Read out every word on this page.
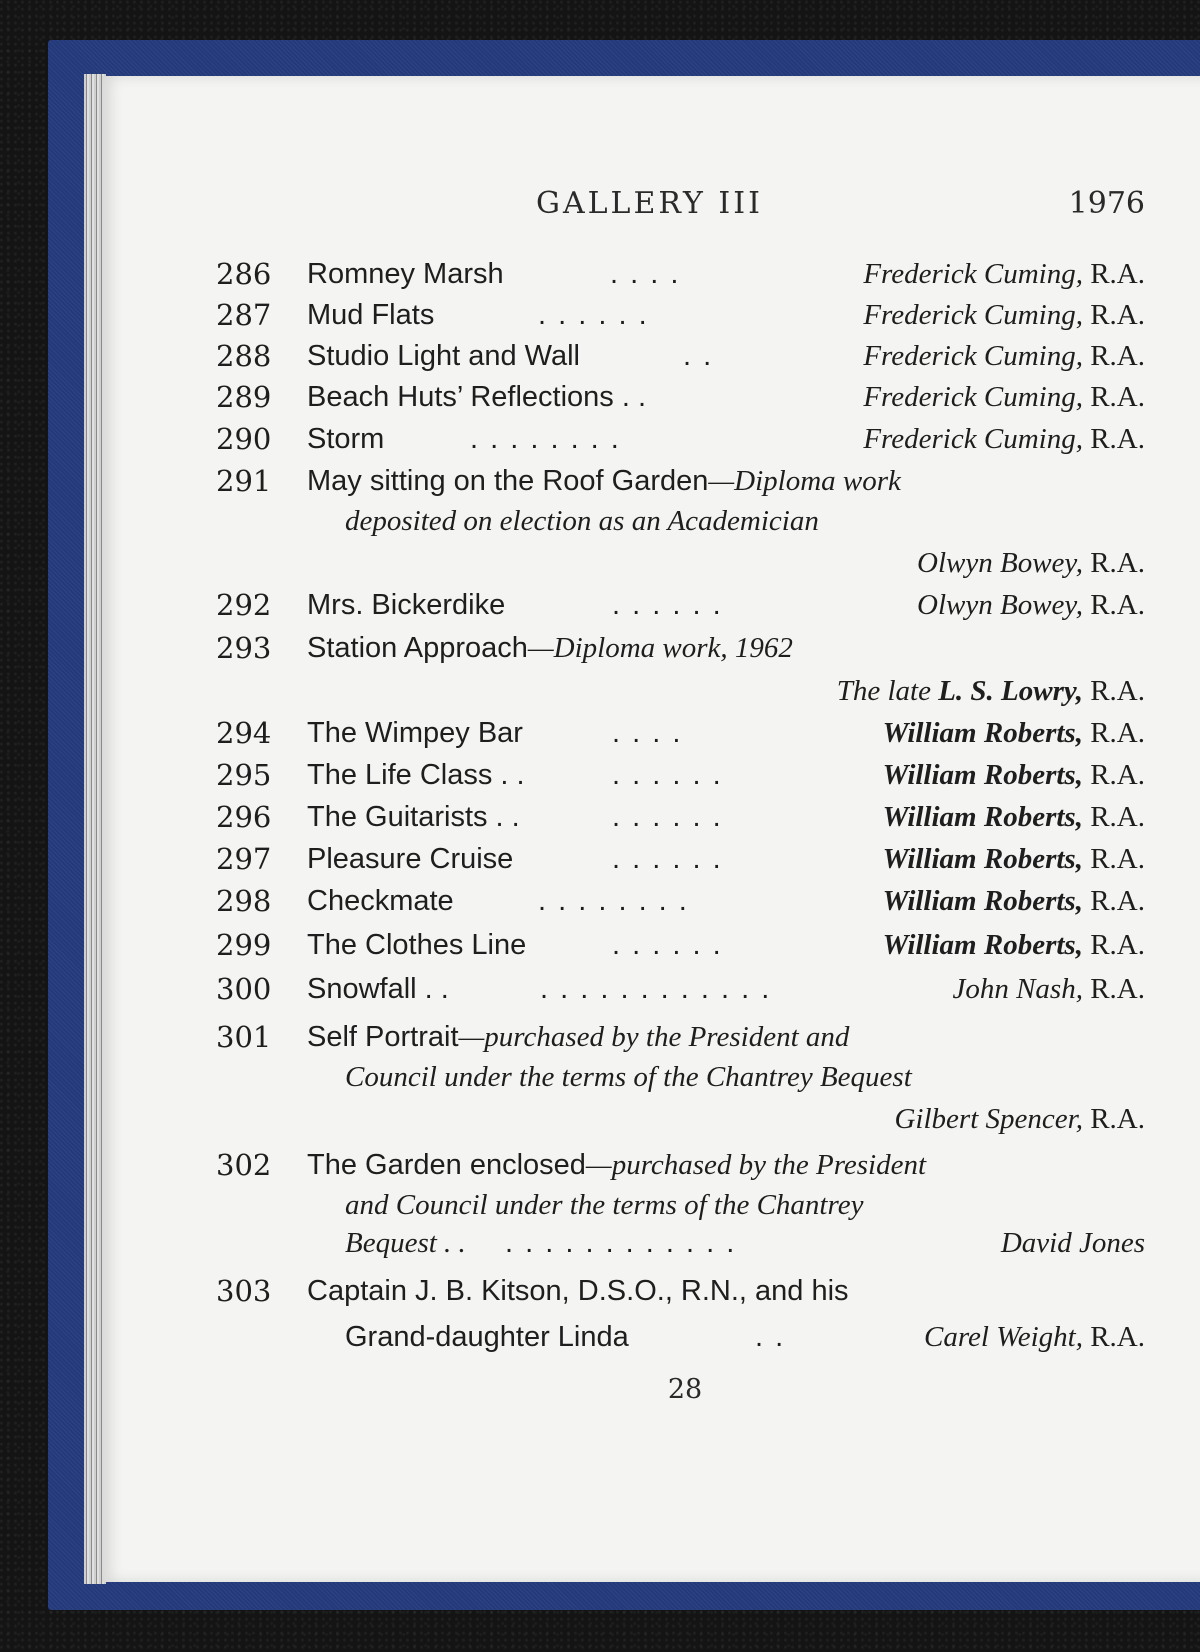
GALLERY III	1976
286 Romney Marsh	. . . .	Frederick Cuming, R.A.
287 Mud Flats	. . . . . .	Frederick Cuming, R.A.
288 Studio Light and Wall	. .	Frederick Cuming, R.A.
289 Beach Huts’ Reflections . .	Frederick Cuming, R.A.
290 Storm	. . . . . . . .	Frederick Cuming, R.A.
291 May sitting on the Roof Garden—Diploma work
deposited on election as an Academician
Olwyn Bowey, R.A.
292 Mrs. Bickerdike	. . . . . .	Olwyn Bowey, R.A.
293 Station Approach—Diploma work, 1962
The late L. S. Lowry, R.A.
294 The Wimpey Bar	. . . .	William Roberts, R.A.
295 The Life Class . .	. . . . . .	William Roberts, R.A.
296 The Guitarists . .	. . . . . .	William Roberts, R.A.
297 Pleasure Cruise	. . . . . .	William Roberts, R.A.
298 Checkmate	. . . . . . . .	William Roberts, R.A.
299 The Clothes Line	. . . . . .	William Roberts, R.A.
300 Snowfall . .	. . . . . . . . . . . .	John Nash, R.A.
301 Self Portrait—purchased by the President and
Council under the terms of the Chantrey Bequest
Gilbert Spencer, R.A.
302 The Garden enclosed—purchased by the President
and Council under the terms of the Chantrey
Bequest . . . . . . . . . . . . . .	David Jones
303 Captain J. B. Kitson, D.S.O., R.N., and his
Grand-daughter Linda	. .	Carel Weight, R.A.
28
